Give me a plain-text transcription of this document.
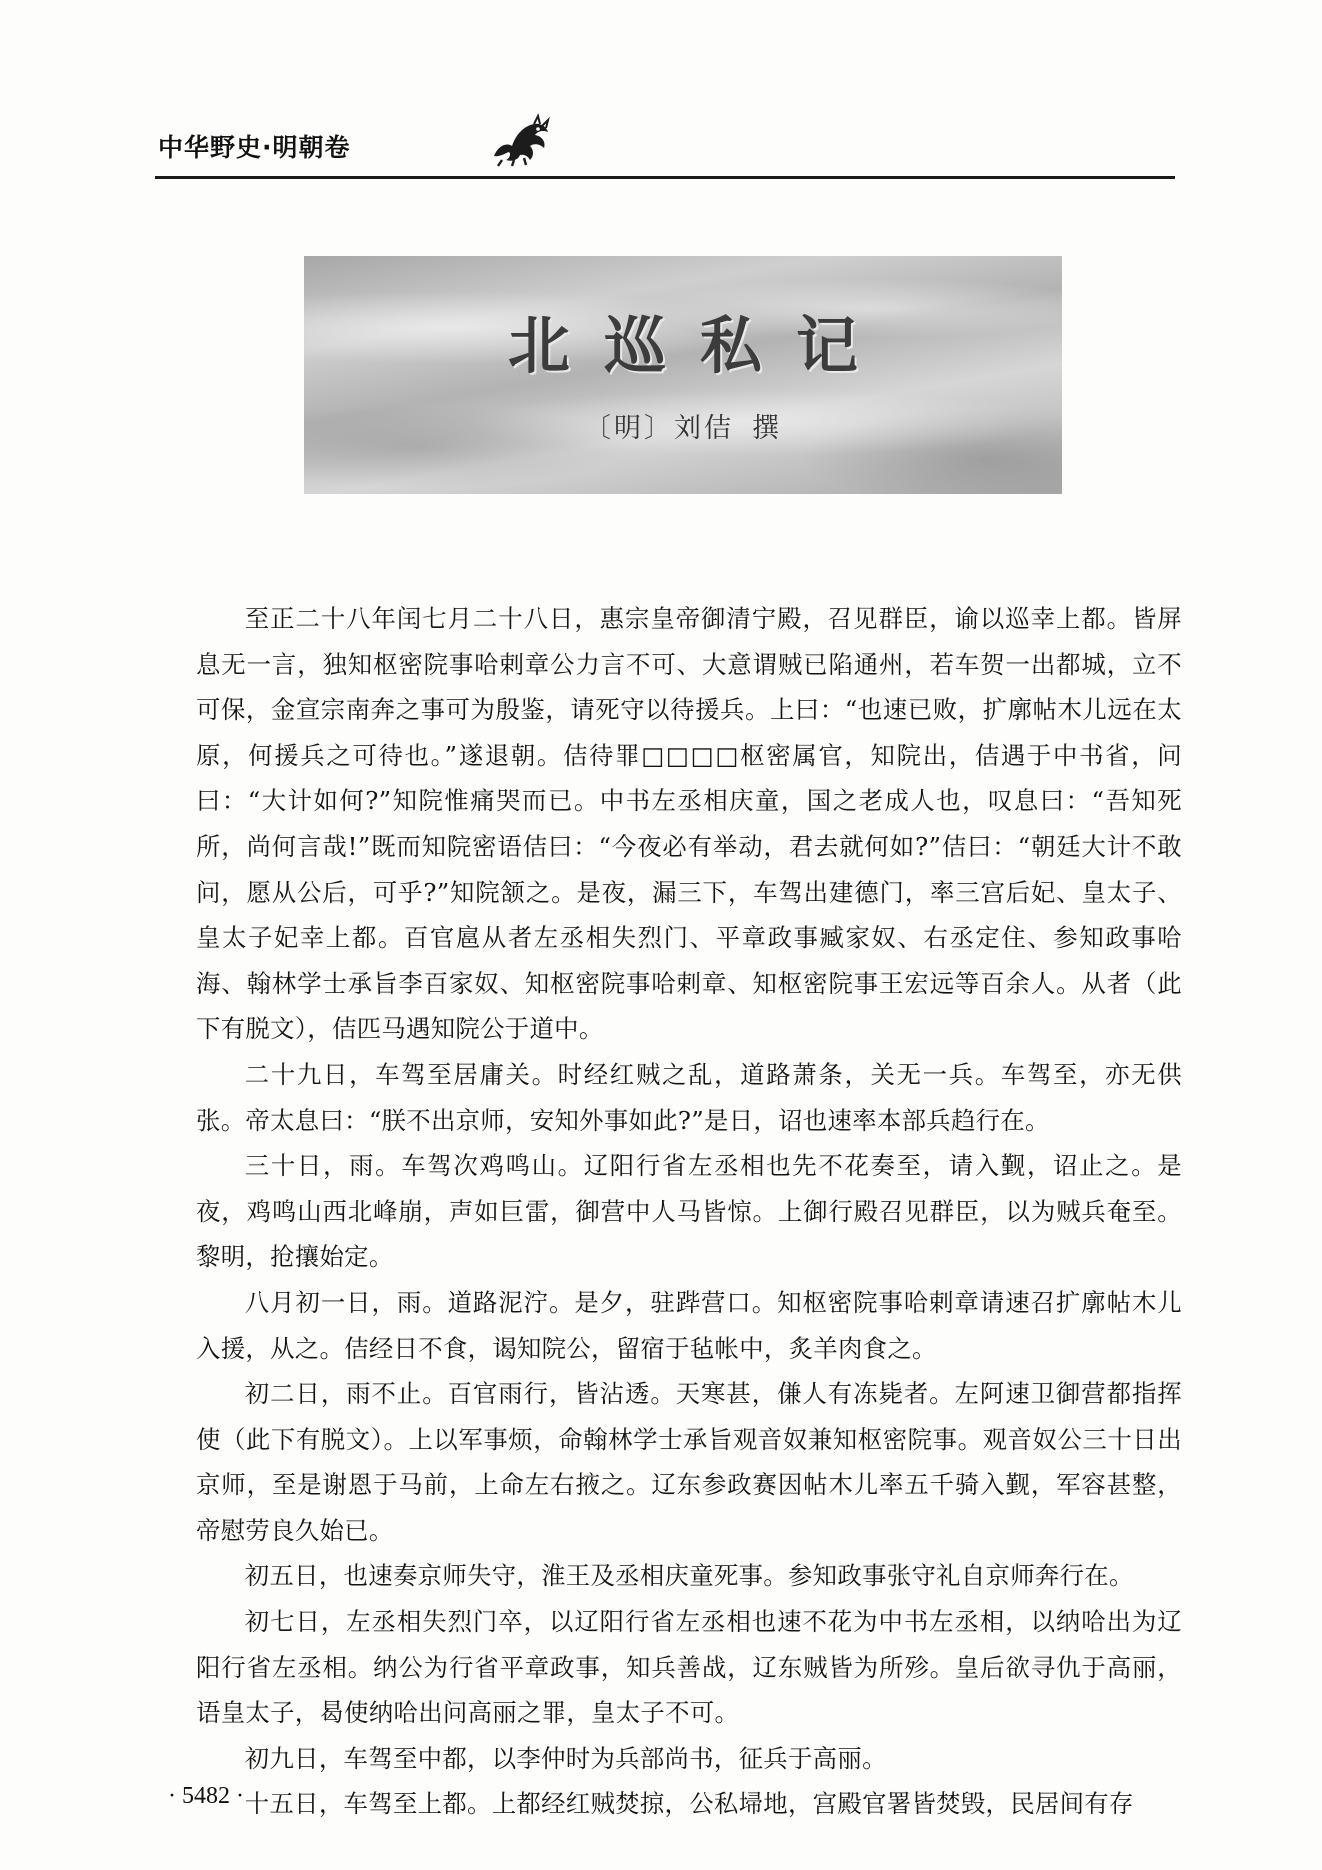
中华野史·明朝卷
北巡私记
〔明〕刘佶 撰

至正二十八年闰七月二十八日，惠宗皇帝御清宁殿，召见群臣，谕以巡幸上都。皆屏息无一言，独知枢密院事哈剌章公力言不可、大意谓贼已陷通州，若车贺一出都城，立不可保，金宣宗南奔之事可为殷鉴，请死守以待援兵。上曰：“也速已败，扩廓帖木儿远在太原，何援兵之可待也。”遂退朝。佶待罪□□□□枢密属官，知院出，佶遇于中书省，问曰：“大计如何?”知院惟痛哭而已。中书左丞相庆童，国之老成人也，叹息曰：“吾知死所，尚何言哉!”既而知院密语佶曰：“今夜必有举动，君去就何如?”佶曰：“朝廷大计不敢问，愿从公后，可乎?”知院颔之。是夜，漏三下，车驾出建德门，率三宫后妃、皇太子、皇太子妃幸上都。百官扈从者左丞相失烈门、平章政事臧家奴、右丞定住、参知政事哈海、翰林学士承旨李百家奴、知枢密院事哈剌章、知枢密院事王宏远等百余人。从者（此下有脱文），佶匹马遇知院公于道中。

二十九日，车驾至居庸关。时经红贼之乱，道路萧条，关无一兵。车驾至，亦无供张。帝太息曰：“朕不出京师，安知外事如此?”是日，诏也速率本部兵趋行在。

三十日，雨。车驾次鸡鸣山。辽阳行省左丞相也先不花奏至，请入觐，诏止之。是夜，鸡鸣山西北峰崩，声如巨雷，御营中人马皆惊。上御行殿召见群臣，以为贼兵奄至。黎明，抢攘始定。

八月初一日，雨。道路泥泞。是夕，驻跸营口。知枢密院事哈剌章请速召扩廓帖木儿入援，从之。佶经日不食，谒知院公，留宿于毡帐中，炙羊肉食之。

初二日，雨不止。百官雨行，皆沾透。天寒甚，傔人有冻毙者。左阿速卫御营都指挥使（此下有脱文）。上以军事烦，命翰林学士承旨观音奴兼知枢密院事。观音奴公三十日出京师，至是谢恩于马前，上命左右掖之。辽东参政赛因帖木儿率五千骑入觐，军容甚整，帝慰劳良久始已。

初五日，也速奏京师失守，淮王及丞相庆童死事。参知政事张守礼自京师奔行在。

初七日，左丞相失烈门卒，以辽阳行省左丞相也速不花为中书左丞相，以纳哈出为辽阳行省左丞相。纳公为行省平章政事，知兵善战，辽东贼皆为所殄。皇后欲寻仇于高丽，语皇太子，曷使纳哈出问高丽之罪，皇太子不可。

初九日，车驾至中都，以李仲时为兵部尚书，征兵于高丽。

十五日，车驾至上都。上都经红贼焚掠，公私埽地，宫殿官署皆焚毁，民居间有存

· 5482 ·
